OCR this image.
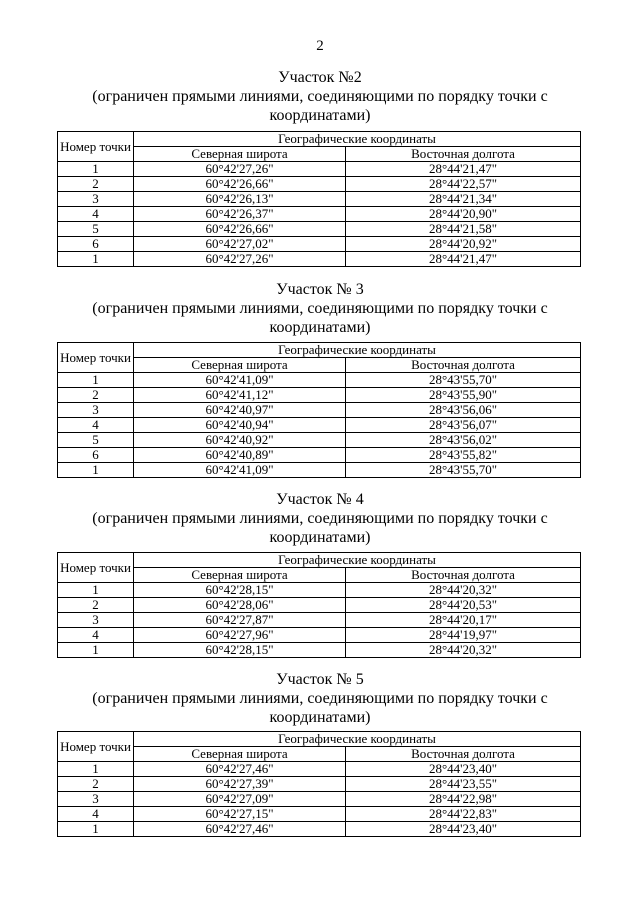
2

Участок №2

(ограничен прямыми линиями, соединяющими по порядку точки с координатами)

Номер точки	Географические координаты	
	Северная широта	Восточная долгота
1	60°42'27,26"	28°44'21,47"
2	60°42'26,66"	28°44'22,57"
3	60°42'26,13"	28°44'21,34"
4	60°42'26,37"	28°44'20,90"
5	60°42'26,66"	28°44'21,58"
6	60°42'27,02"	28°44'20,92"
1	60°42'27,26"	28°44'21,47"

Участок № 3

(ограничен прямыми линиями, соединяющими по порядку точки с координатами)

Номер точки	Географические координаты	
	Северная широта	Восточная долгота
1	60°42'41,09"	28°43'55,70"
2	60°42'41,12"	28°43'55,90"
3	60°42'40,97"	28°43'56,06"
4	60°42'40,94"	28°43'56,07"
5	60°42'40,92"	28°43'56,02"
6	60°42'40,89"	28°43'55,82"
1	60°42'41,09"	28°43'55,70"

Участок № 4

(ограничен прямыми линиями, соединяющими по порядку точки с координатами)

Номер точки	Географические координаты	
	Северная широта	Восточная долгота
1	60°42'28,15"	28°44'20,32"
2	60°42'28,06"	28°44'20,53"
3	60°42'27,87"	28°44'20,17"
4	60°42'27,96"	28°44'19,97"
1	60°42'28,15"	28°44'20,32"

Участок № 5

(ограничен прямыми линиями, соединяющими по порядку точки с координатами)

Номер точки	Географические координаты	
	Северная широта	Восточная долгота
1	60°42'27,46"	28°44'23,40"
2	60°42'27,39"	28°44'23,55"
3	60°42'27,09"	28°44'22,98"
4	60°42'27,15"	28°44'22,83"
1	60°42'27,46"	28°44'23,40"
